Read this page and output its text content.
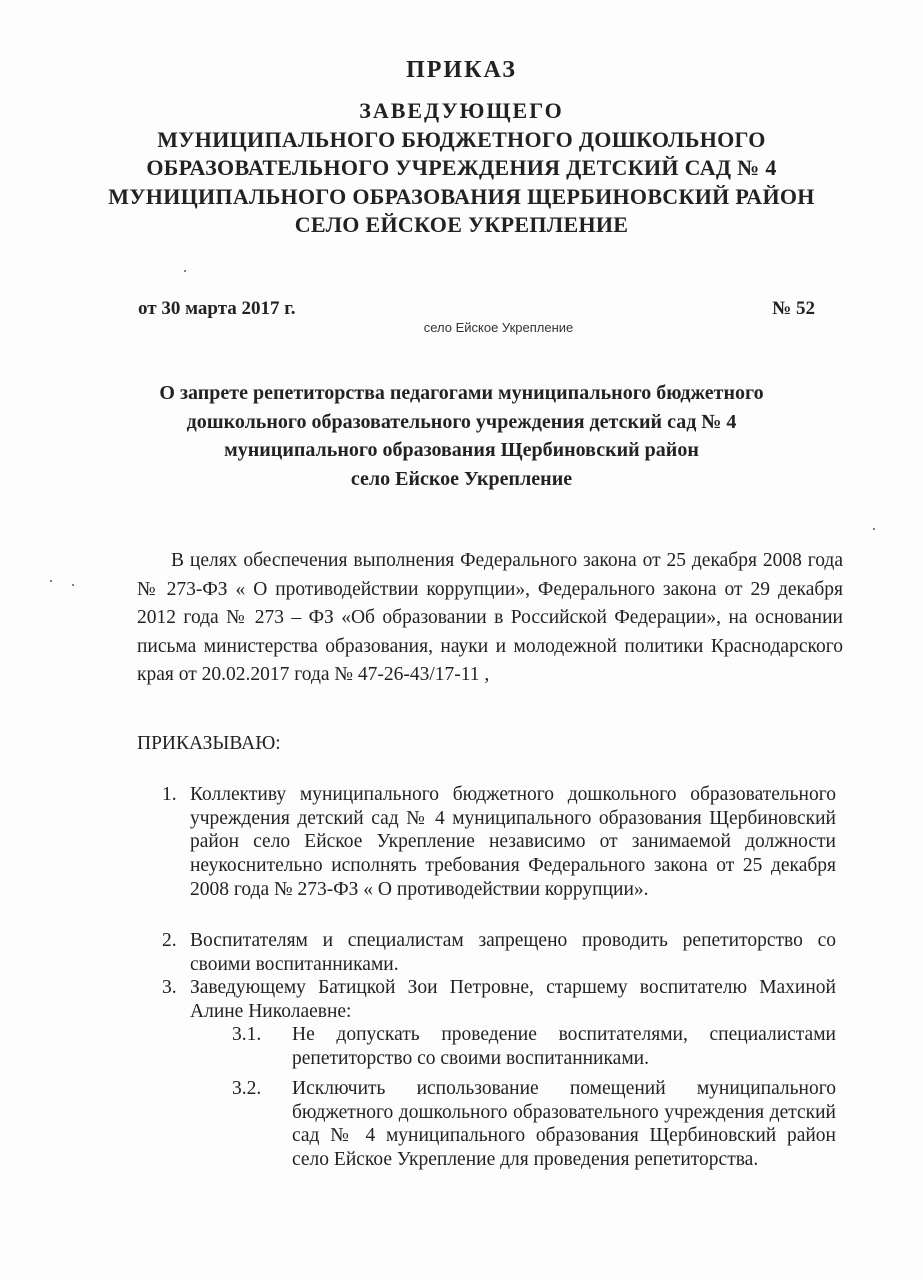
ПРИКАЗ
ЗАВЕДУЮЩЕГО
МУНИЦИПАЛЬНОГО БЮДЖЕТНОГО ДОШКОЛЬНОГО
ОБРАЗОВАТЕЛЬНОГО УЧРЕЖДЕНИЯ ДЕТСКИЙ САД № 4
МУНИЦИПАЛЬНОГО ОБРАЗОВАНИЯ ЩЕРБИНОВСКИЙ РАЙОН
СЕЛО ЕЙСКОЕ УКРЕПЛЕНИЕ
от 30 марта 2017 г.	№ 52
село Ейское Укрепление
О запрете репетиторства педагогами муниципального бюджетного
дошкольного образовательного учреждения детский сад № 4
муниципального образования Щербиновский район
село Ейское Укрепление

В целях обеспечения выполнения Федерального закона от 25 декабря 2008 года № 273-ФЗ « О противодействии коррупции», Федерального закона от 29 декабря 2012 года № 273 – ФЗ «Об образовании в Российской Федерации», на основании письма министерства образования, науки и молодежной политики Краснодарского края от 20.02.2017 года № 47-26-43/17-11 ,

ПРИКАЗЫВАЮ:
1. Коллективу муниципального бюджетного дошкольного образовательного учреждения детский сад № 4 муниципального образования Щербиновский район село Ейское Укрепление независимо от занимаемой должности неукоснительно исполнять требования Федерального закона от 25 декабря 2008 года № 273-ФЗ « О противодействии коррупции».

2. Воспитателям и специалистам запрещено проводить репетиторство со своими воспитанниками.

3. Заведующему Батицкой Зои Петровне, старшему воспитателю Махиной Алине Николаевне:

3.1. Не допускать проведение воспитателями, специалистами репетиторство со своими воспитанниками.

3.2. Исключить использование помещений муниципального бюджетного дошкольного образовательного учреждения детский сад № 4 муниципального образования Щербиновский район село Ейское Укрепление для проведения репетиторства.
